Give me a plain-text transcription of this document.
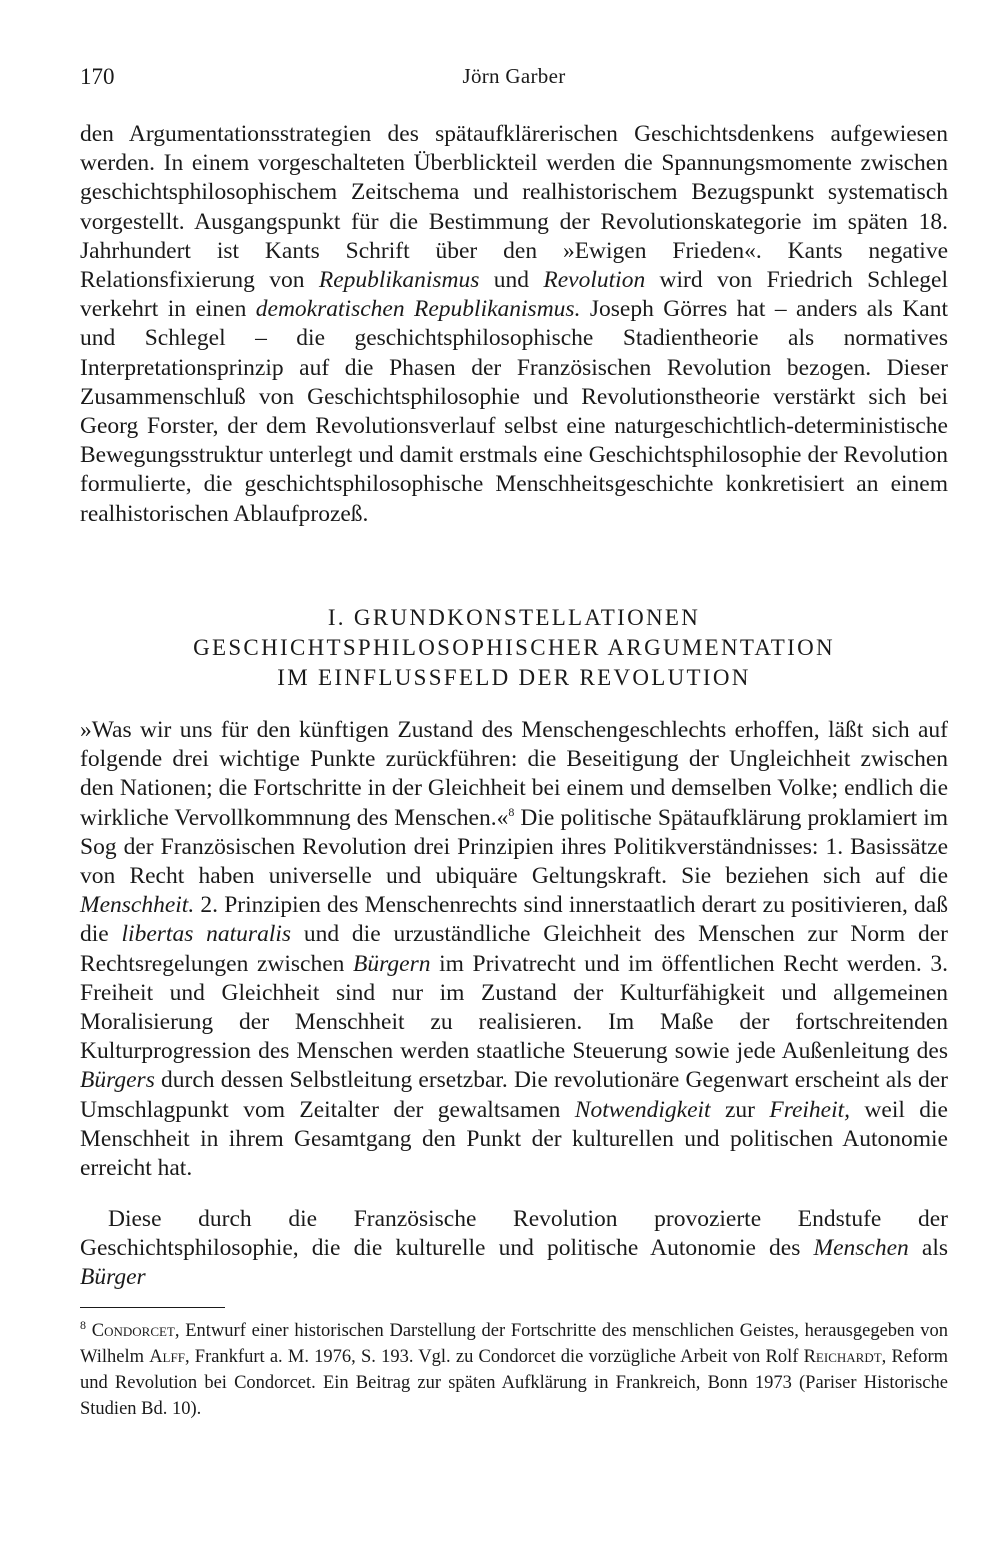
170	Jörn Garber

den Argumentationsstrategien des spätaufklärerischen Geschichtsdenkens aufgewiesen werden. In einem vorgeschalteten Überblickteil werden die Spannungsmomente zwischen geschichtsphilosophischem Zeitschema und realhistorischem Bezugspunkt systematisch vorgestellt. Ausgangspunkt für die Bestimmung der Revolutionskategorie im späten 18. Jahrhundert ist Kants Schrift über den »Ewigen Frieden«. Kants negative Relationsfixierung von Republikanismus und Revolution wird von Friedrich Schlegel verkehrt in einen demokratischen Republikanismus. Joseph Görres hat – anders als Kant und Schlegel – die geschichtsphilosophische Stadientheorie als normatives Interpretationsprinzip auf die Phasen der Französischen Revolution bezogen. Dieser Zusammenschluß von Geschichtsphilosophie und Revolutionstheorie verstärkt sich bei Georg Forster, der dem Revolutionsverlauf selbst eine naturgeschichtlich-deterministische Bewegungsstruktur unterlegt und damit erstmals eine Geschichtsphilosophie der Revolution formulierte, die geschichtsphilosophische Menschheitsgeschichte konkretisiert an einem realhistorischen Ablaufprozeß.

I. GRUNDKONSTELLATIONEN
GESCHICHTSPHILOSOPHISCHER ARGUMENTATION
IM EINFLUSSFELD DER REVOLUTION

»Was wir uns für den künftigen Zustand des Menschengeschlechts erhoffen, läßt sich auf folgende drei wichtige Punkte zurückführen: die Beseitigung der Ungleichheit zwischen den Nationen; die Fortschritte in der Gleichheit bei einem und demselben Volke; endlich die wirkliche Vervollkommnung des Menschen.«$^8$ Die politische Spätaufklärung proklamiert im Sog der Französischen Revolution drei Prinzipien ihres Politikverständnisses: 1. Basissätze von Recht haben universelle und ubiquäre Geltungskraft. Sie beziehen sich auf die Menschheit. 2. Prinzipien des Menschenrechts sind innerstaatlich derart zu positivieren, daß die libertas naturalis und die urzuständliche Gleichheit des Menschen zur Norm der Rechtsregelungen zwischen Bürgern im Privatrecht und im öffentlichen Recht werden. 3. Freiheit und Gleichheit sind nur im Zustand der Kulturfähigkeit und allgemeinen Moralisierung der Menschheit zu realisieren. Im Maße der fortschreitenden Kulturprogression des Menschen werden staatliche Steuerung sowie jede Außenleitung des Bürgers durch dessen Selbstleitung ersetzbar. Die revolutionäre Gegenwart erscheint als der Umschlagpunkt vom Zeitalter der gewaltsamen Notwendigkeit zur Freiheit, weil die Menschheit in ihrem Gesamtgang den Punkt der kulturellen und politischen Autonomie erreicht hat.

Diese durch die Französische Revolution provozierte Endstufe der Geschichtsphilosophie, die die kulturelle und politische Autonomie des Menschen als Bürger

$^8$ Condorcet, Entwurf einer historischen Darstellung der Fortschritte des menschlichen Geistes, herausgegeben von Wilhelm Alff, Frankfurt a. M. 1976, S. 193. Vgl. zu Condorcet die vorzügliche Arbeit von Rolf Reichardt, Reform und Revolution bei Condorcet. Ein Beitrag zur späten Aufklärung in Frankreich, Bonn 1973 (Pariser Historische Studien Bd. 10).
